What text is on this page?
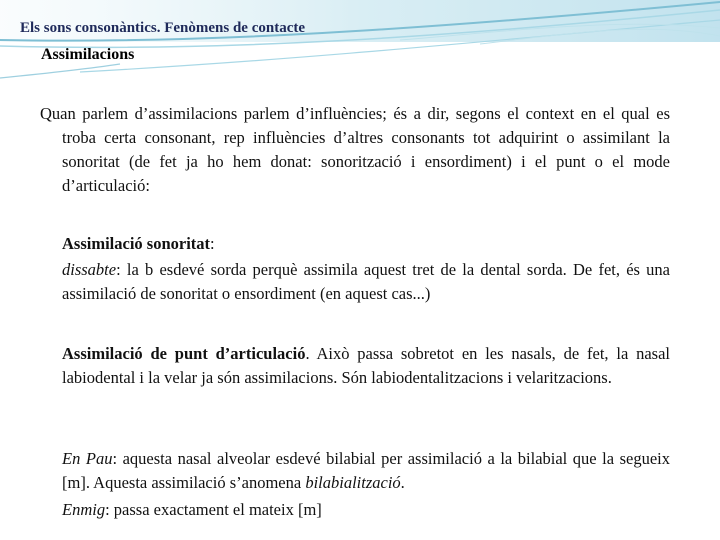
Els sons consonàntics. Fenòmens de contacte
Assimilacions
Quan parlem d’assimilacions parlem d’influències; és a dir, segons el context en el qual es troba certa consonant, rep influències d’altres consonants tot adquirint o assimilant la sonoritat (de fet ja ho hem donat: sonorització i ensordiment) i el punt o el mode d’articulació:
Assimilació sonoritat:
dissabte: la b esdevé sorda perquè assimila aquest tret de la dental sorda. De fet, és una assimilació de sonoritat o ensordiment (en aquest cas...)
Assimilació de punt d’articulació. Això passa sobretot en les nasals, de fet, la nasal labiodental i la velar ja són assimilacions. Són labiodentalitzacions i velaritzacions.
En Pau: aquesta nasal alveolar esdevé bilabial per assimilació a la bilabial que la segueix [m]. Aquesta assimilació s’anomena bilabialització.
Enmig: passa exactament el mateix [m]
